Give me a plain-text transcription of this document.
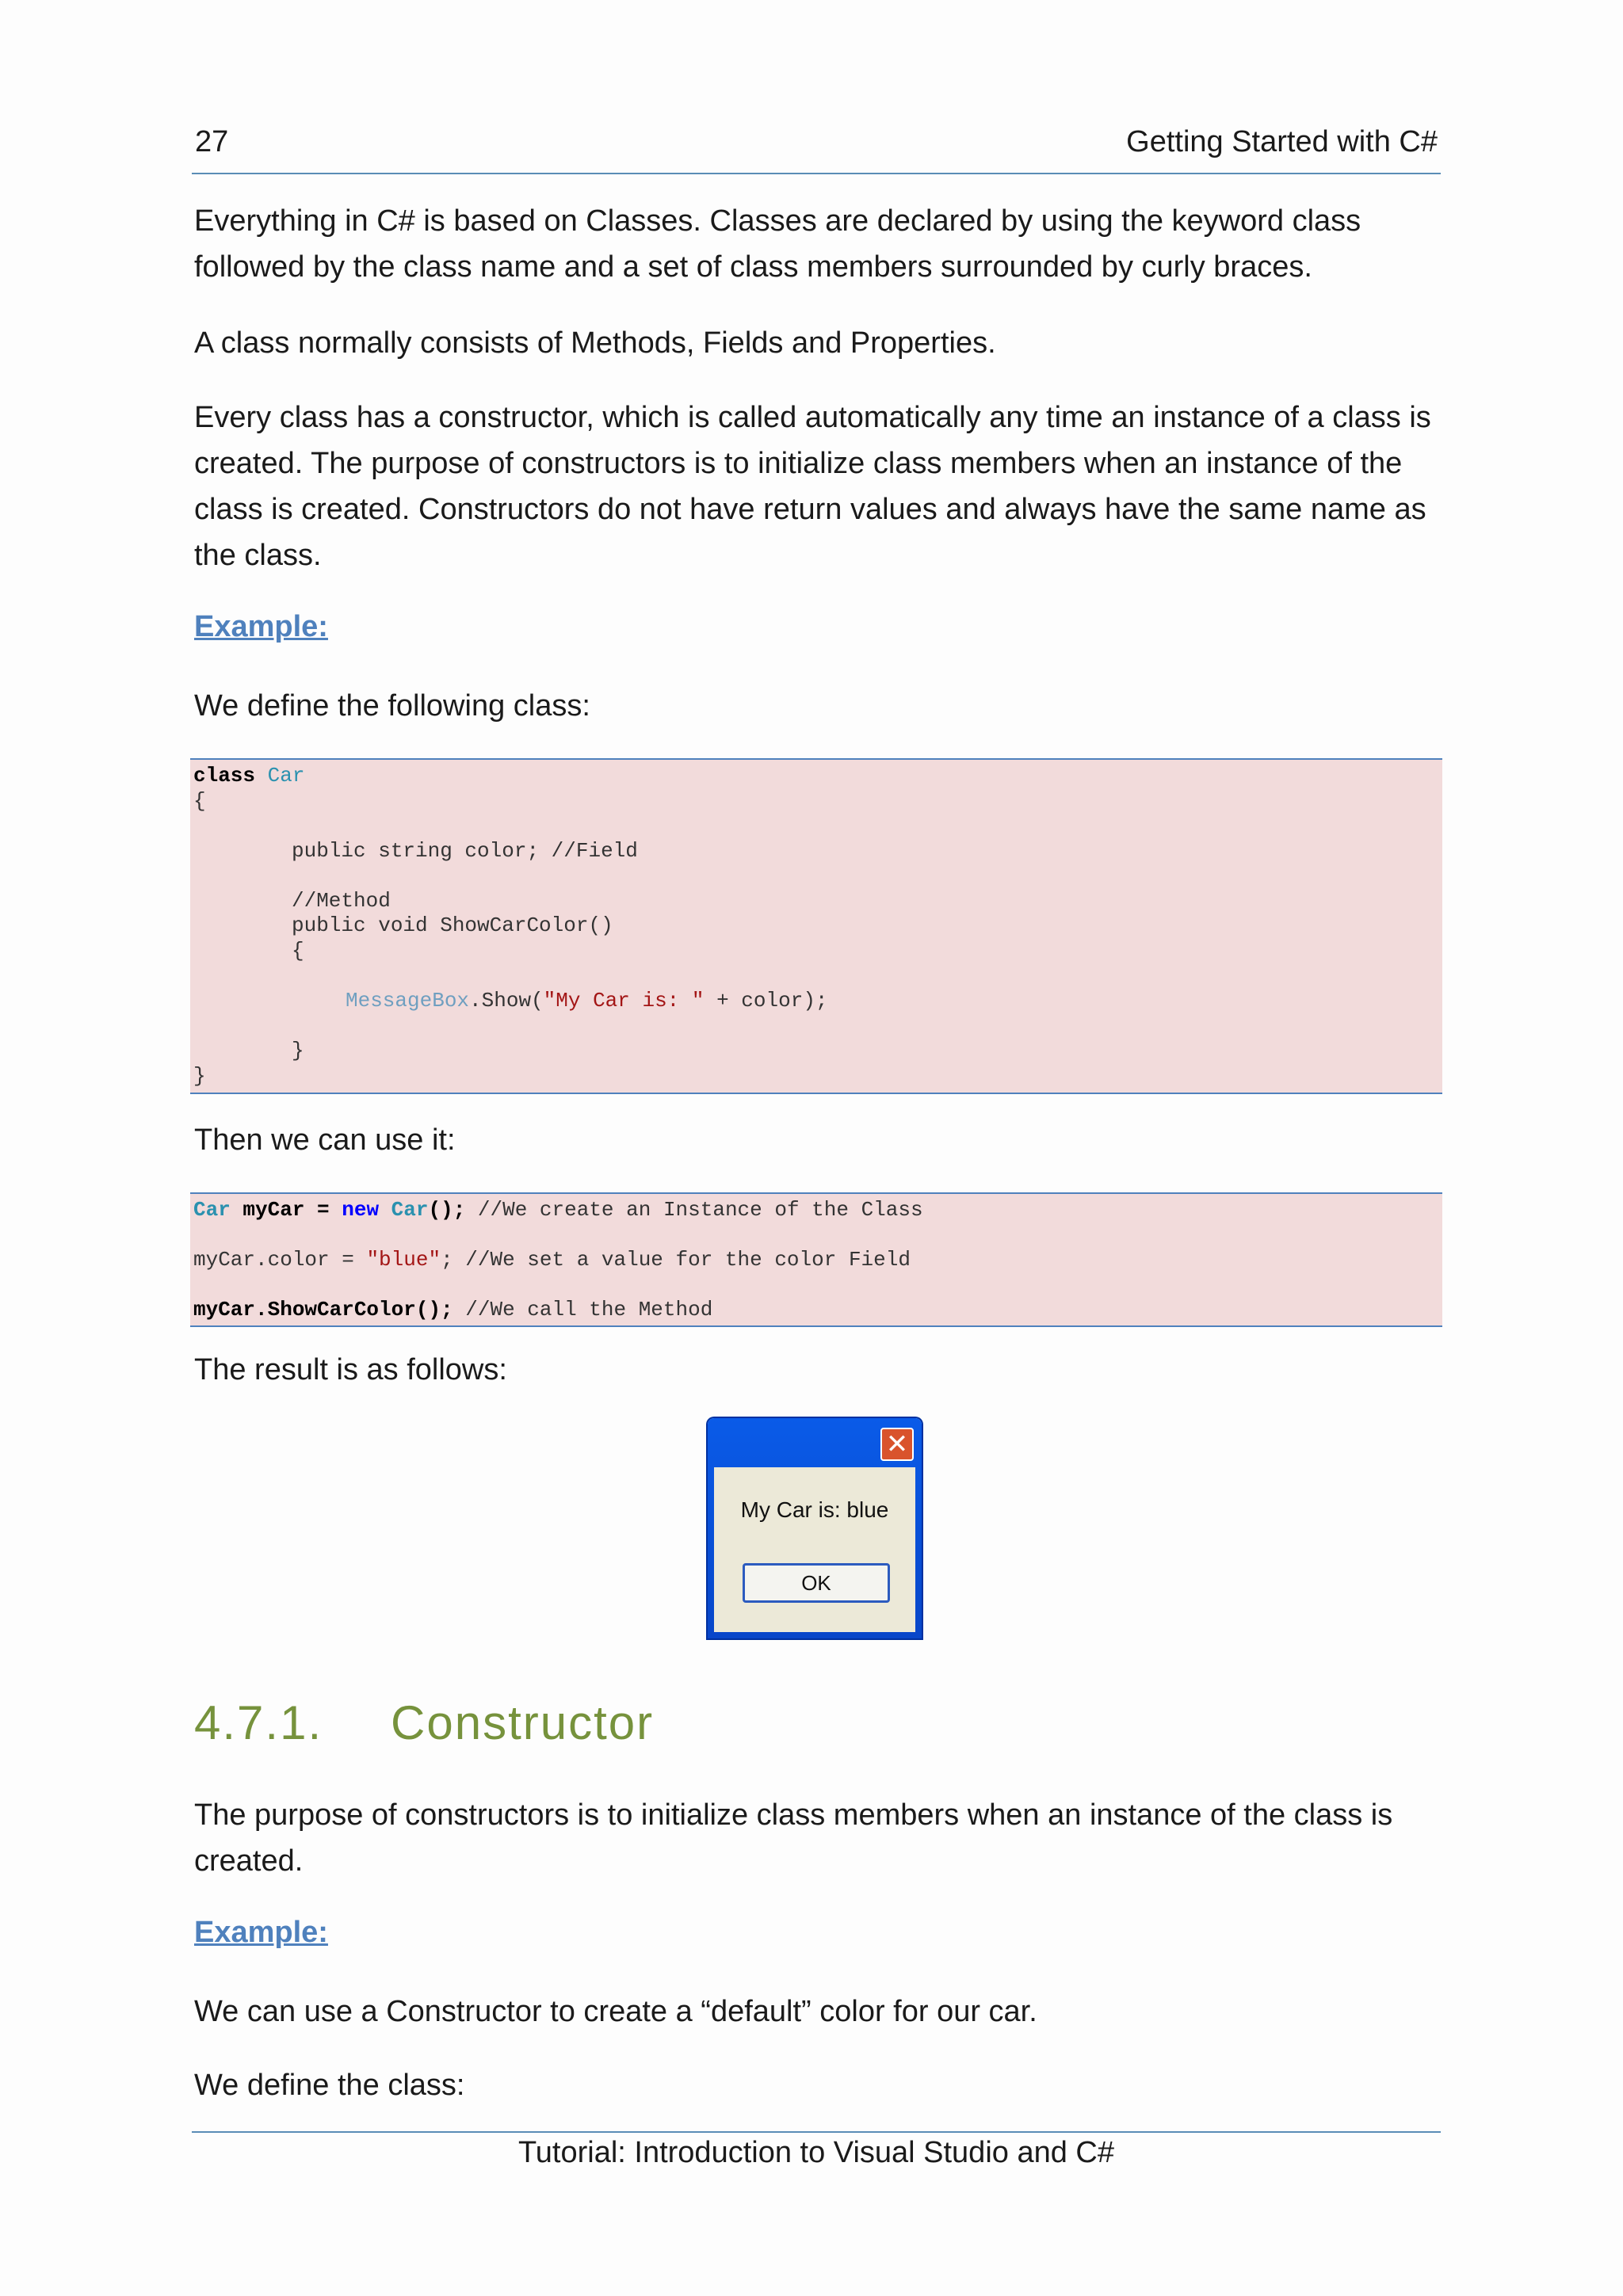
27	Getting Started with C#

Everything in C# is based on Classes. Classes are declared by using the keyword class
followed by the class name and a set of class members surrounded by curly braces.

A class normally consists of Methods, Fields and Properties.

Every class has a constructor, which is called automatically any time an instance of a class is
created. The purpose of constructors is to initialize class members when an instance of the
class is created. Constructors do not have return values and always have the same name as
the class.

Example:

We define the following class:

class Car
{
public string color; //Field
//Method
public void ShowCarColor()
{
MessageBox.Show("My Car is: " + color);
}
}

Then we can use it:

Car myCar = new Car(); //We create an Instance of the Class
myCar.color = "blue"; //We set a value for the color Field
myCar.ShowCarColor(); //We call the Method

The result is as follows:

✕
My Car is: blue
OK
4.7.1. Constructor

The purpose of constructors is to initialize class members when an instance of the class is
created.

Example:

We can use a Constructor to create a “default” color for our car.

We define the class:

Tutorial: Introduction to Visual Studio and C#
